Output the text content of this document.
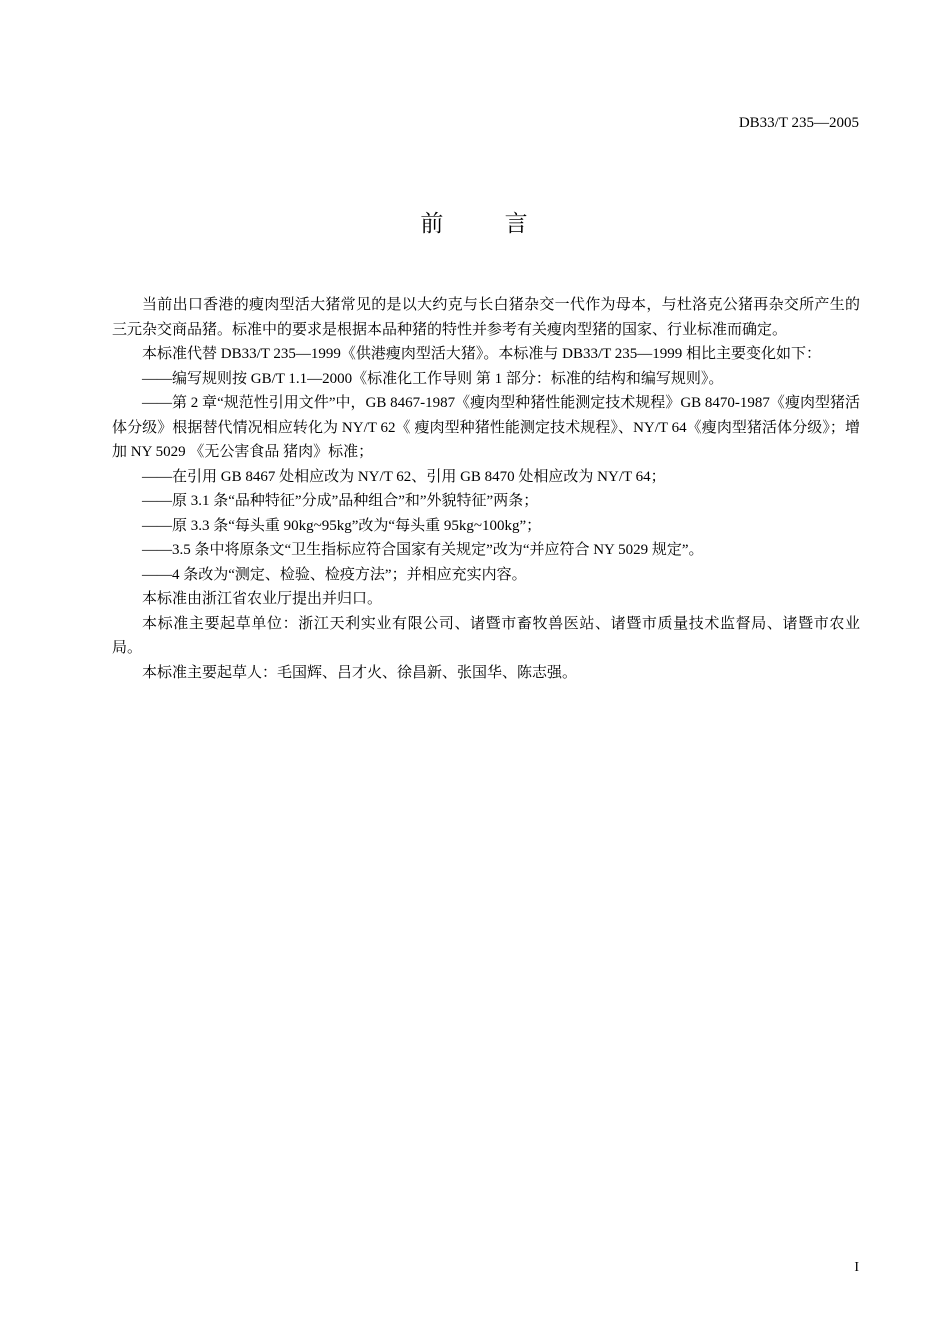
DB33/T 235—2005
前 言

当前出口香港的瘦肉型活大猪常见的是以大约克与长白猪杂交一代作为母本，与杜洛克公猪再杂交所产生的三元杂交商品猪。标准中的要求是根据本品种猪的特性并参考有关瘦肉型猪的国家、行业标准而确定。

本标准代替 DB33/T 235—1999《供港瘦肉型活大猪》。本标准与 DB33/T 235—1999 相比主要变化如下：

——编写规则按 GB/T 1.1—2000《标准化工作导则 第 1 部分：标准的结构和编写规则》。

——第 2 章“规范性引用文件”中，GB 8467-1987《瘦肉型种猪性能测定技术规程》GB 8470-1987《瘦肉型猪活体分级》根据替代情况相应转化为 NY/T 62《 瘦肉型种猪性能测定技术规程》、NY/T 64《瘦肉型猪活体分级》；增加 NY 5029 《无公害食品 猪肉》标准；

——在引用 GB 8467 处相应改为 NY/T 62、引用 GB 8470 处相应改为 NY/T 64；

——原 3.1 条“品种特征”分成”品种组合”和”外貌特征”两条；

——原 3.3 条“每头重 90kg~95kg”改为“每头重 95kg~100kg”；

——3.5 条中将原条文“卫生指标应符合国家有关规定”改为“并应符合 NY 5029 规定”。

——4 条改为“测定、检验、检疫方法”；并相应充实内容。

本标准由浙江省农业厅提出并归口。

本标准主要起草单位：浙江天利实业有限公司、诸暨市畜牧兽医站、诸暨市质量技术监督局、诸暨市农业局。

本标准主要起草人：毛国辉、吕才火、徐昌新、张国华、陈志强。

I
